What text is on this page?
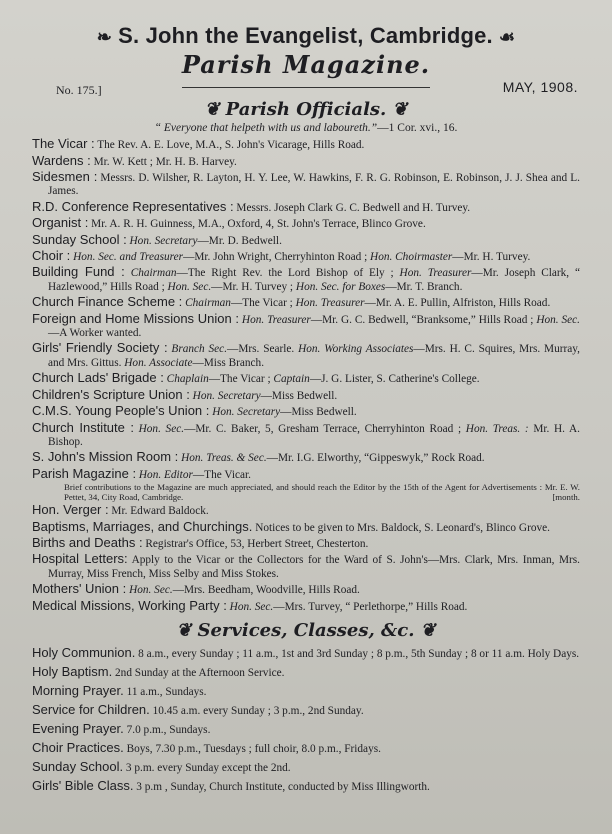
❧ S. John the Evangelist, Cambridge. ☙
Parish Magazine.
No. 175.]	MAY, 1908.
❦ Parish Officials. ❦
“ Everyone that helpeth with us and laboureth.”—1 Cor. xvi., 16.
The Vicar : The Rev. A. E. Love, M.A., S. John's Vicarage, Hills Road.
Wardens : Mr. W. Kett ; Mr. H. B. Harvey.
Sidesmen : Messrs. D. Wilsher, R. Layton, H. Y. Lee, W. Hawkins, F. R. G. Robinson, E. Robinson, J. J. Shea and L. James.
R.D. Conference Representatives : Messrs. Joseph Clark G. C. Bedwell and H. Turvey.
Organist : Mr. A. R. H. Guinness, M.A., Oxford, 4, St. John's Terrace, Blinco Grove.
Sunday School : Hon. Secretary—Mr. D. Bedwell.
Choir : Hon. Sec. and Treasurer—Mr. John Wright, Cherryhinton Road ; Hon. Choirmaster—Mr. H. Turvey.
Building Fund : Chairman—The Right Rev. the Lord Bishop of Ely ; Hon. Treasurer—Mr. Joseph Clark, “ Hazlewood,” Hills Road ; Hon. Sec.—Mr. H. Turvey ; Hon. Sec. for Boxes—Mr. T. Branch.
Church Finance Scheme : Chairman—The Vicar ; Hon. Treasurer—Mr. A. E. Pullin, Alfriston, Hills Road.
Foreign and Home Missions Union : Hon. Treasurer—Mr. G. C. Bedwell, “Branksome,” Hills Road ; Hon. Sec.—A Worker wanted.
Girls' Friendly Society : Branch Sec.—Mrs. Searle. Hon. Working Associates—Mrs. H. C. Squires, Mrs. Murray, and Mrs. Gittus. Hon. Associate—Miss Branch.
Church Lads' Brigade : Chaplain—The Vicar ; Captain—J. G. Lister, S. Catherine's College.
Children's Scripture Union : Hon. Secretary—Miss Bedwell.
C.M.S. Young People's Union : Hon. Secretary—Miss Bedwell.
Church Institute : Hon. Sec.—Mr. C. Baker, 5, Gresham Terrace, Cherryhinton Road ; Hon. Treas. : Mr. H. A. Bishop.
S. John's Mission Room : Hon. Treas. & Sec.—Mr. I.G. Elworthy, “Gippeswyk,” Rock Road.
Parish Magazine : Hon. Editor—The Vicar.
Brief contributions to the Magazine are much appreciated, and should reach the Editor by the 15th of the Agent for Advertisements : Mr. E. W. Pettet, 34, City Road, Cambridge.	[month.
Hon. Verger : Mr. Edward Baldock.
Baptisms, Marriages, and Churchings. Notices to be given to Mrs. Baldock, S. Leonard's, Blinco Grove.
Births and Deaths : Registrar's Office, 53, Herbert Street, Chesterton.
Hospital Letters: Apply to the Vicar or the Collectors for the Ward of S. John's—Mrs. Clark, Mrs. Inman, Mrs. Murray, Miss French, Miss Selby and Miss Stokes.
Mothers' Union : Hon. Sec.—Mrs. Beedham, Woodville, Hills Road.
Medical Missions, Working Party : Hon. Sec.—Mrs. Turvey, “ Perlethorpe,” Hills Road.
❦ Services, Classes, &c. ❦
Holy Communion. 8 a.m., every Sunday ; 11 a.m., 1st and 3rd Sunday ; 8 p.m., 5th Sunday ; 8 or 11 a.m. Holy Days.
Holy Baptism. 2nd Sunday at the Afternoon Service.
Morning Prayer. 11 a.m., Sundays.
Service for Children. 10.45 a.m. every Sunday ; 3 p.m., 2nd Sunday.
Evening Prayer. 7.0 p.m., Sundays.
Choir Practices. Boys, 7.30 p.m., Tuesdays ; full choir, 8.0 p.m., Fridays.
Sunday School. 3 p.m. every Sunday except the 2nd.
Girls' Bible Class. 3 p.m , Sunday, Church Institute, conducted by Miss Illingworth.
